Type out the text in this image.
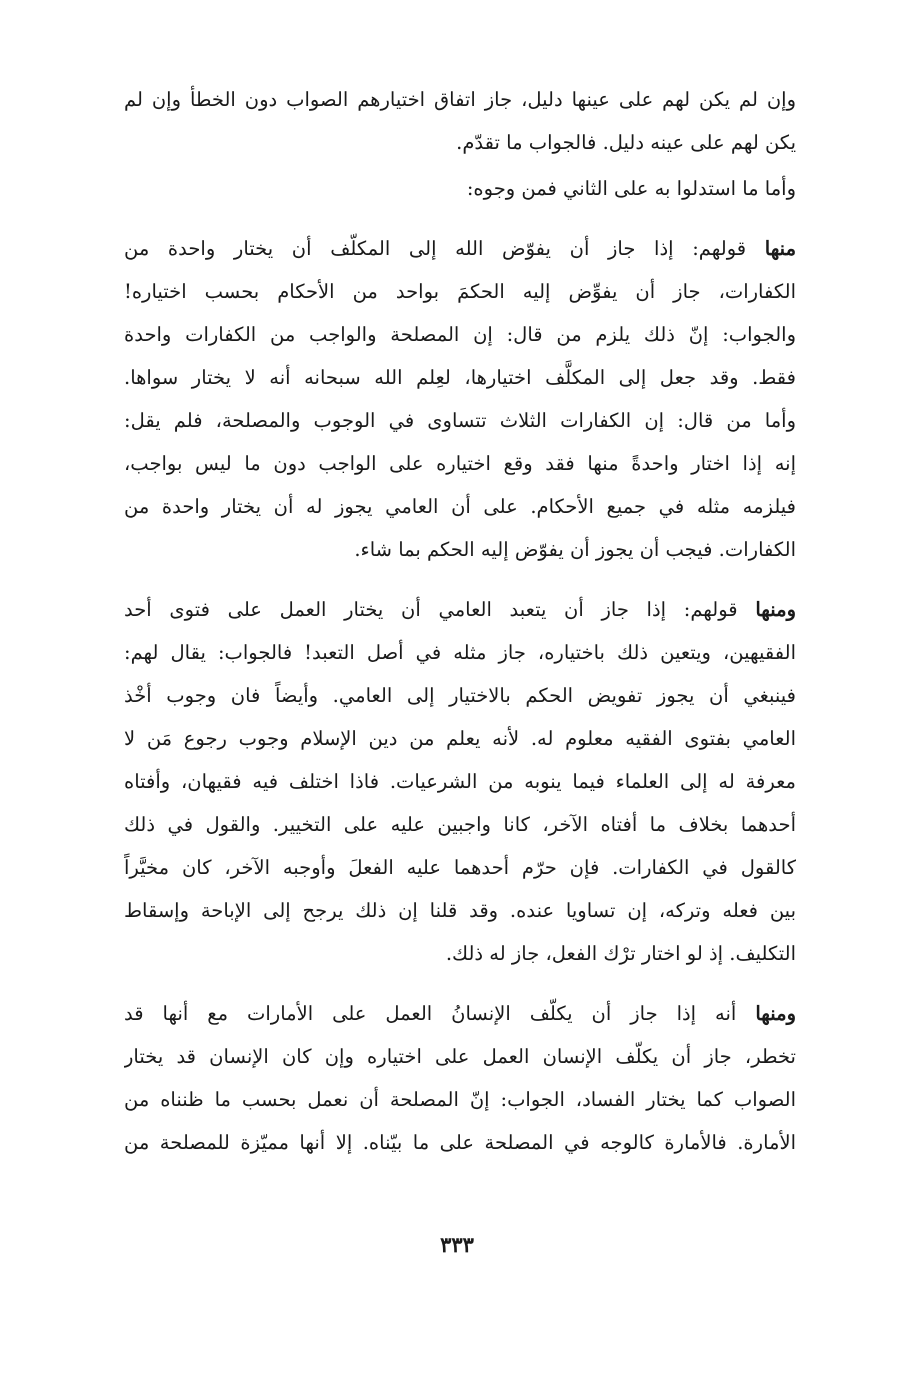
وإن لم يكن لهم على عينها دليل، جاز اتفاق اختيارهم الصواب دون الخطأ وإن لم
يكن لهم على عينه دليل. فالجواب ما تقدّم.
وأما ما استدلوا به على الثاني فمن وجوه:
منها قولهم: إذا جاز أن يفوّض الله إلى المكلّف أن يختار واحدة من
الكفارات، جاز أن يفوِّض إليه الحكمَ بواحد من الأحكام بحسب اختياره!
والجواب: إنّ ذلك يلزم من قال: إن المصلحة والواجب من الكفارات واحدة
فقط. وقد جعل إلى المكلَّف اختيارها، لعِلم الله سبحانه أنه لا يختار سواها.
وأما من قال: إن الكفارات الثلاث تتساوى في الوجوب والمصلحة، فلم يقل:
إنه إذا اختار واحدةً منها فقد وقع اختياره على الواجب دون ما ليس بواجب،
فيلزمه مثله في جميع الأحكام. على أن العامي يجوز له أن يختار واحدة من
الكفارات. فيجب أن يجوز أن يفوّض إليه الحكم بما شاء.
ومنها قولهم: إذا جاز أن يتعبد العامي أن يختار العمل على فتوى أحد
الفقيهين، ويتعين ذلك باختياره، جاز مثله في أصل التعبد! فالجواب: يقال لهم:
فينبغي أن يجوز تفويض الحكم بالاختيار إلى العامي. وأيضاً فان وجوب أخْذ
العامي بفتوى الفقيه معلوم له. لأنه يعلم من دين الإسلام وجوب رجوع مَن لا
معرفة له إلى العلماء فيما ينوبه من الشرعيات. فاذا اختلف فيه فقيهان، وأفتاه
أحدهما بخلاف ما أفتاه الآخر، كانا واجبين عليه على التخيير. والقول في ذلك
كالقول في الكفارات. فإن حرّم أحدهما عليه الفعلَ وأوجبه الآخر، كان مخيَّراً
بين فعله وتركه، إن تساويا عنده. وقد قلنا إن ذلك يرجح إلى الإباحة وإسقاط
التكليف. إذ لو اختار ترْك الفعل، جاز له ذلك.
ومنها أنه إذا جاز أن يكلّف الإنسانُ العمل على الأمارات مع أنها قد
تخطر، جاز أن يكلّف الإنسان العمل على اختياره وإن كان الإنسان قد يختار
الصواب كما يختار الفساد، الجواب: إنّ المصلحة أن نعمل بحسب ما ظنناه من
الأمارة. فالأمارة كالوجه في المصلحة على ما بيّناه. إلا أنها مميّزة للمصلحة من
٣٣٣
